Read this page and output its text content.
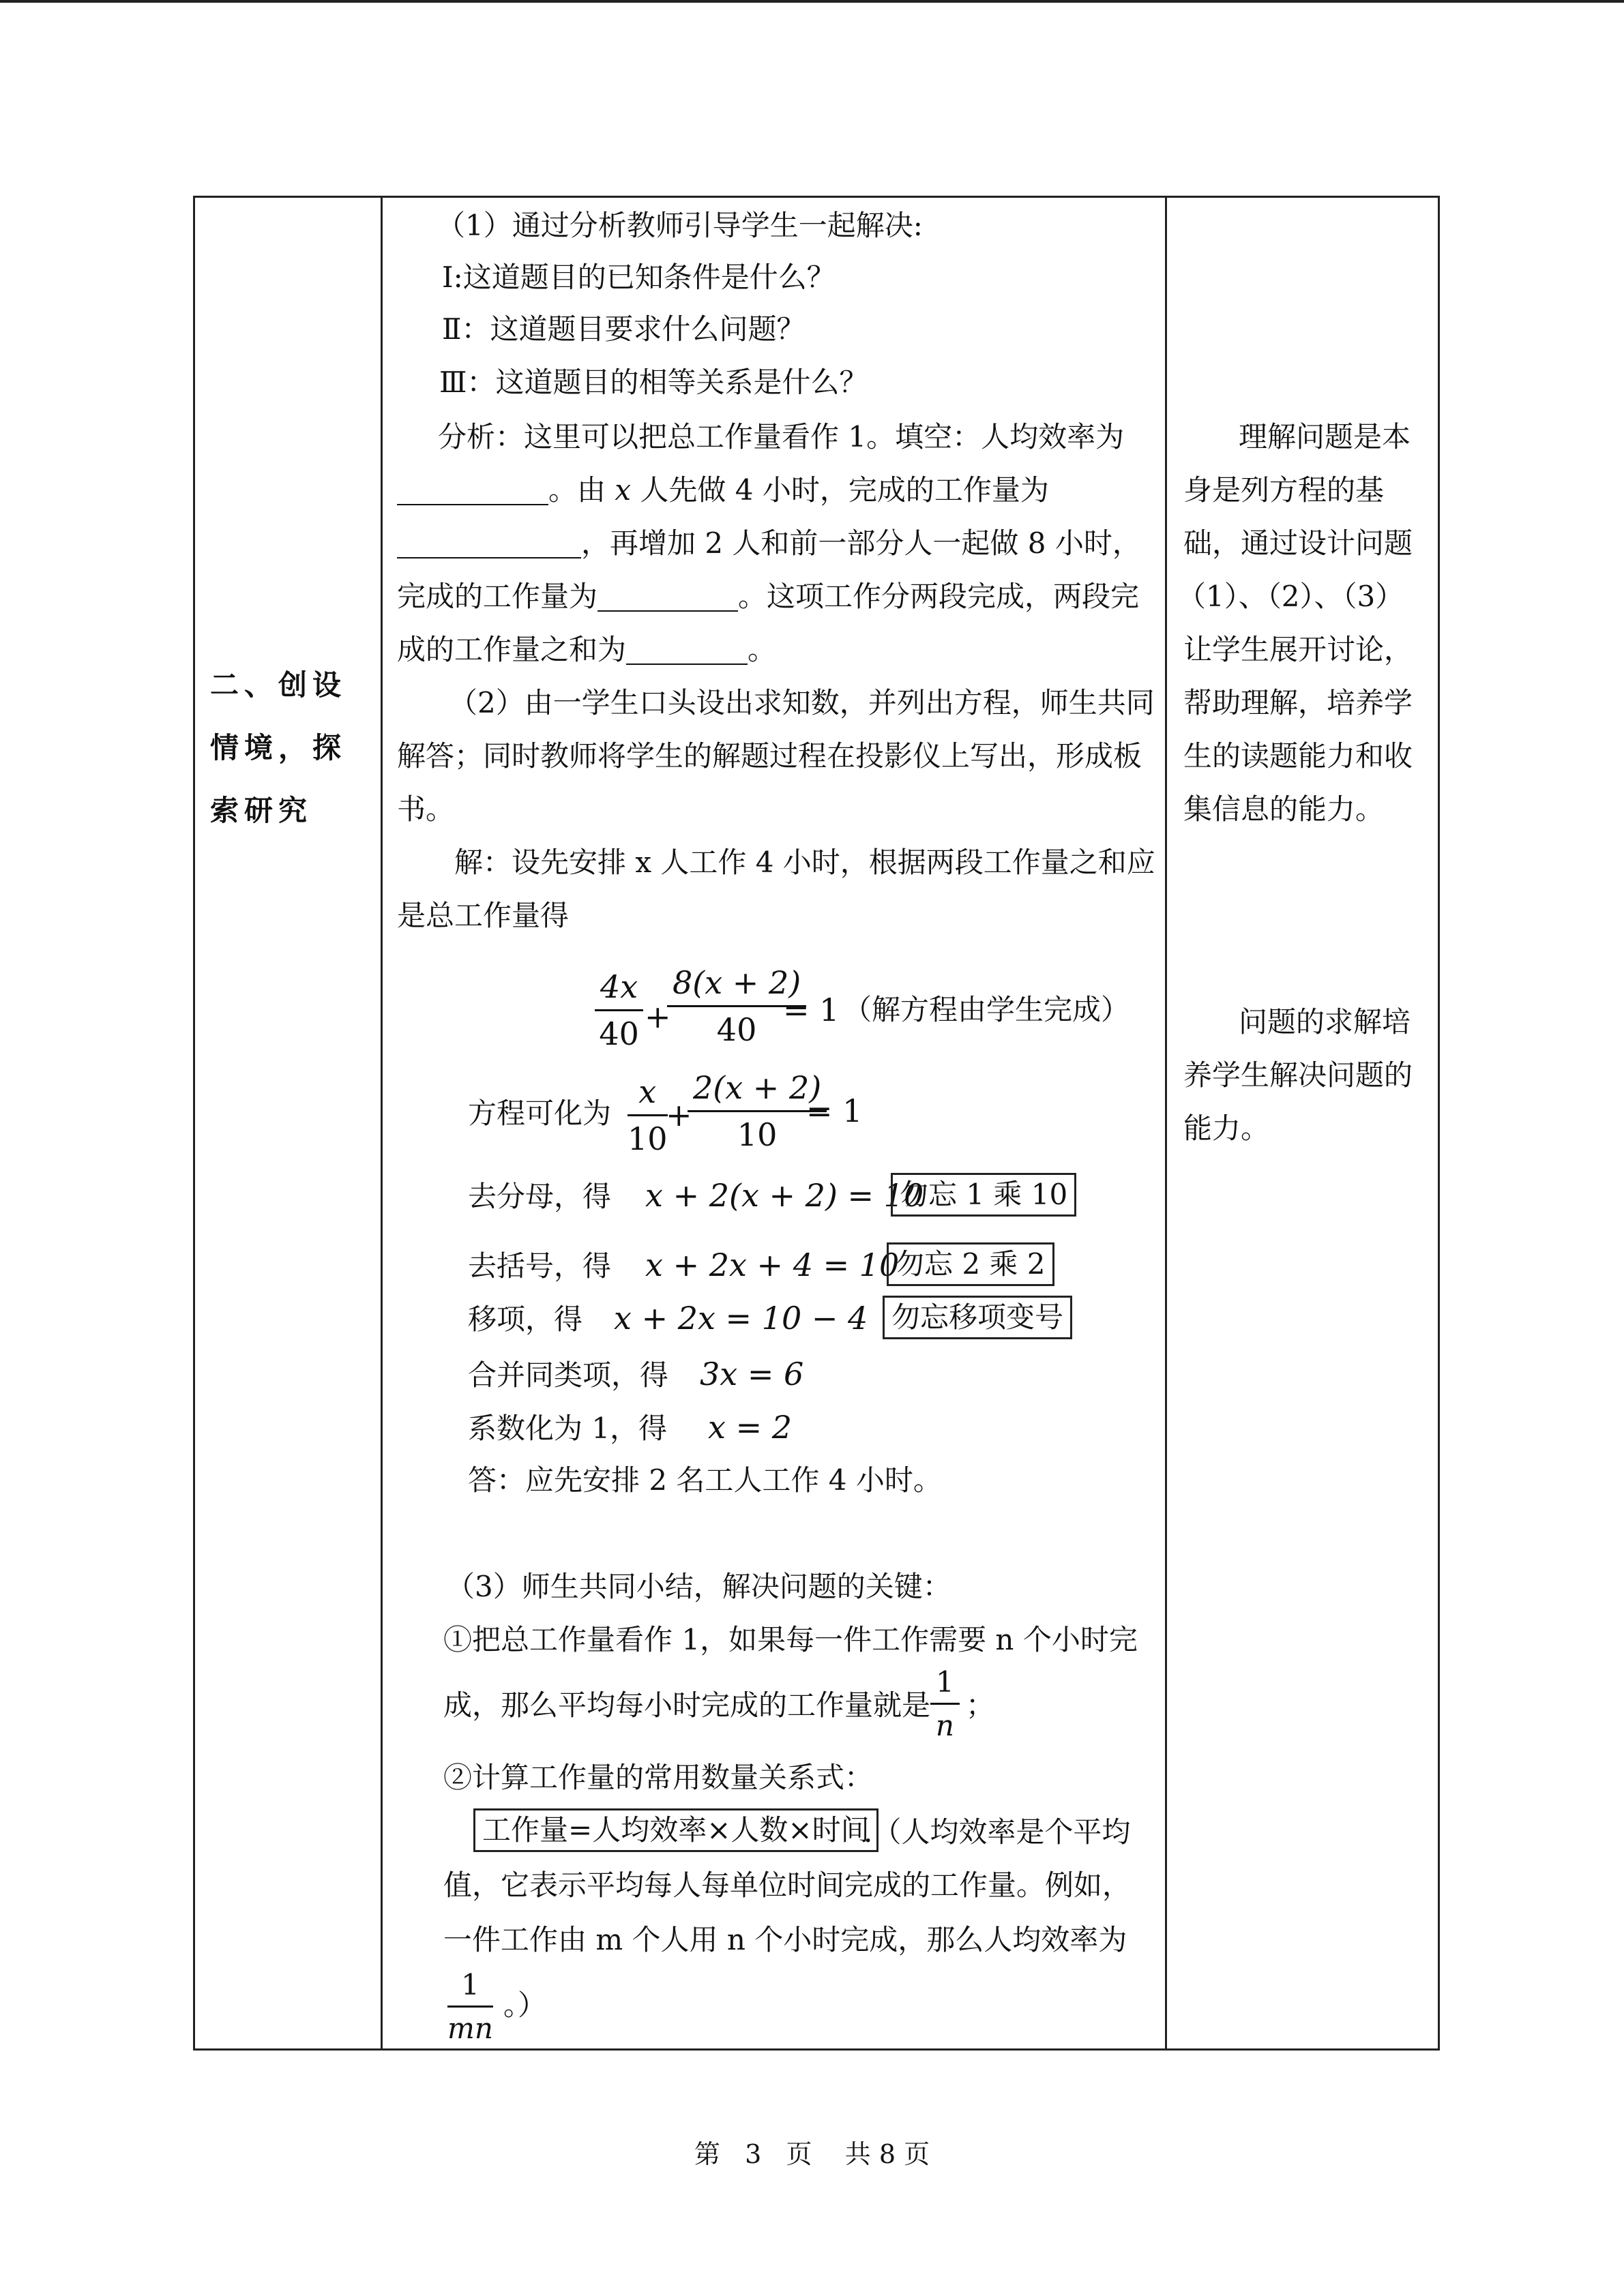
二、创设
情境，探
索研究
（1）通过分析教师引导学生一起解决:
Ⅰ:这道题目的已知条件是什么？
Ⅱ：这道题目要求什么问题？
Ⅲ：这道题目的相等关系是什么？
分析：这里可以把总工作量看作 1。填空：人均效率为
。由 x 人先做 4 小时，完成的工作量为
，再增加 2 人和前一部分人一起做 8 小时，
完成的工作量为	。这项工作分两段完成，两段完
成的工作量之和为	。
（2）由一学生口头设出求知数，并列出方程，师生共同
解答；同时教师将学生的解题过程在投影仪上写出，形成板
书。
解：设先安排 x 人工作 4 小时，根据两段工作量之和应
是总工作量得
4x
40 +
8(x + 2)
40
= 1 （解方程由学生完成）
方程可化为
x
10
+
2(x + 2)
10
= 1
去分母，得 x + 2(x + 2) = 10
勿忘 1 乘 10
去括号，得 x + 2x + 4 = 10
勿忘 2 乘 2
移项，得 x + 2x = 10 − 4 勿忘移项变号
合并同类项，得 3x = 6
系数化为 1，得 x = 2
答：应先安排 2 名工人工作 4 小时。
（3）师生共同小结，解决问题的关键：
①把总工作量看作 1，如果每一件工作需要 n 个小时完
成，那么平均每小时完成的工作量就是
1
n
；
②计算工作量的常用数量关系式：
工作量=人均效率×人数×时间
.（人均效率是个平均
值，它表示平均每人每单位时间完成的工作量。例如，
一件工作由 m 个人用 n 个小时完成，那么人均效率为
1
mn
。）
理解问题是本
身是列方程的基
础，通过设计问题
（1）、（2）、（3）
让学生展开讨论，
帮助理解，培养学
生的读题能力和收
集信息的能力。
问题的求解培
养学生解决问题的
能力。
第   3   页    共 8 页
